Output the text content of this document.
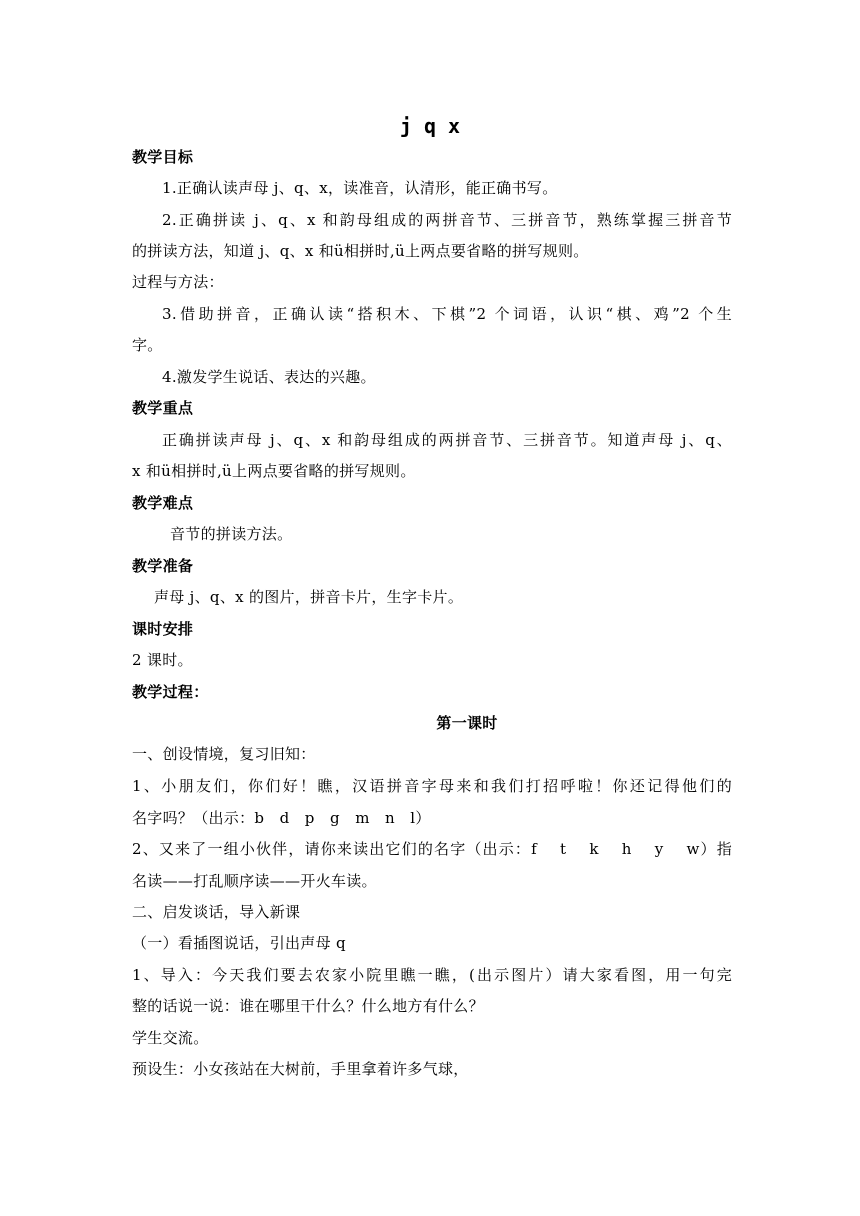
j q x
教学目标
1.正确认读声母 j、q、x，读准音，认清形，能正确书写。
2.正确拼读 j、q、x 和韵母组成的两拼音节、三拼音节，熟练掌握三拼音节
的拼读方法，知道 j、q、x 和ü相拼时,ü上两点要省略的拼写规则。
过程与方法：
3.借助拼音，正确认读“搭积木、下棋”2 个词语，认识“棋、鸡”2 个生
字。
4.激发学生说话、表达的兴趣。
教学重点
正确拼读声母 j、q、x 和韵母组成的两拼音节、三拼音节。知道声母 j、q、
x 和ü相拼时,ü上两点要省略的拼写规则。
教学难点
音节的拼读方法。
教学准备
声母 j、q、x 的图片，拼音卡片，生字卡片。
课时安排
2 课时。
教学过程：
第一课时
一、创设情境，复习旧知：
1、小朋友们，你们好！瞧，汉语拼音字母来和我们打招呼啦！你还记得他们的
名字吗？（出示：b　d　p　g　m　n　l）
2、又来了一组小伙伴，请你来读出它们的名字（出示：f　 t　 k　 h　 y　 w）指
名读——打乱顺序读——开火车读。
二、启发谈话，导入新课
（一）看插图说话，引出声母 q
1、导入：今天我们要去农家小院里瞧一瞧，(出示图片）请大家看图，用一句完
整的话说一说：谁在哪里干什么？什么地方有什么？
学生交流。
预设生：小女孩站在大树前，手里拿着许多气球，
